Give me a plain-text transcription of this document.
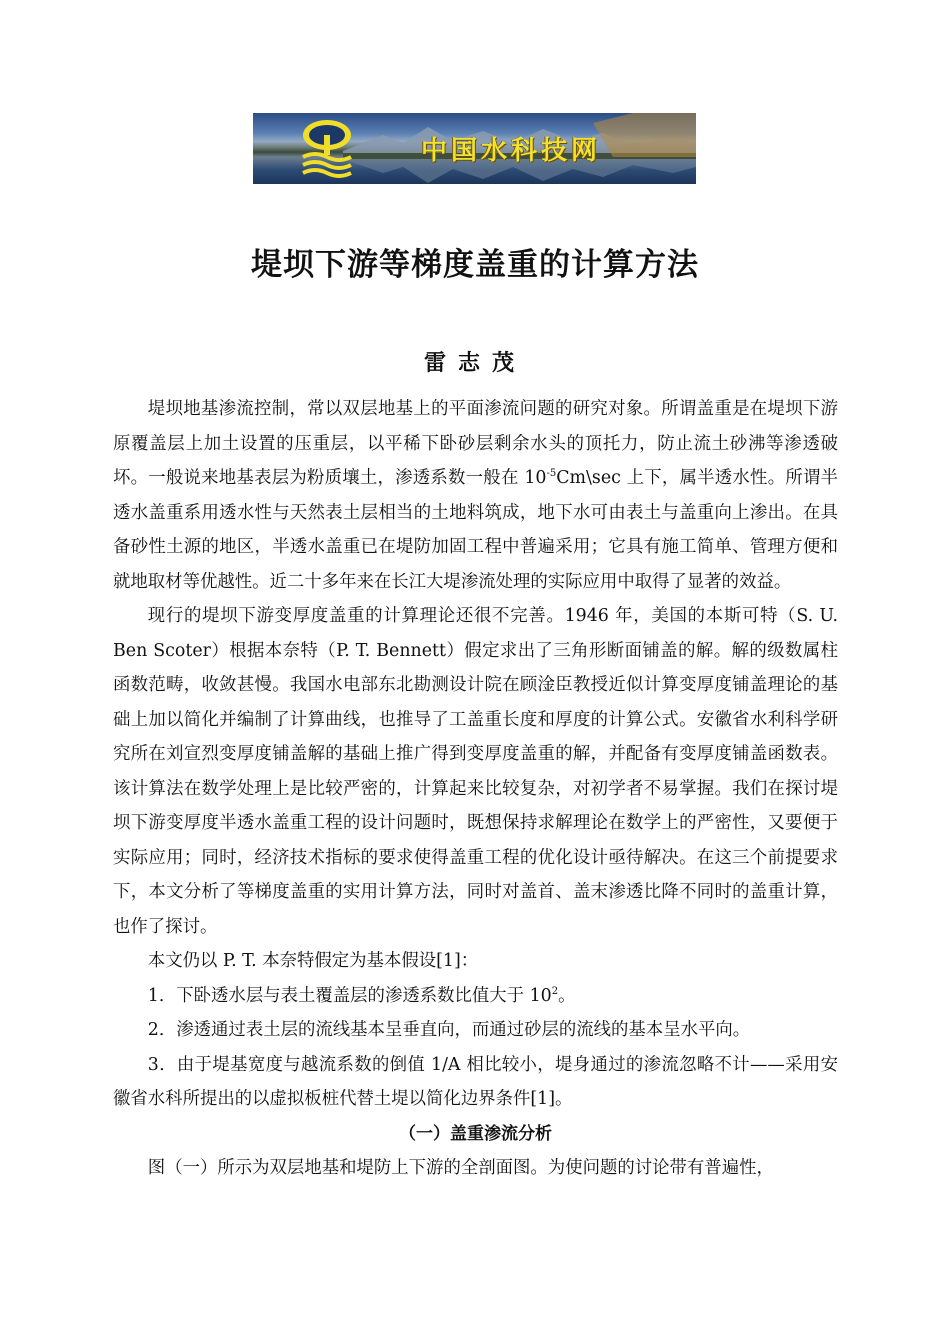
中国水科技网
堤坝下游等梯度盖重的计算方法
雷志茂

堤坝地基渗流控制，常以双层地基上的平面渗流问题的研究对象。所谓盖重是在堤坝下游原覆盖层上加土设置的压重层，以平稀下卧砂层剩余水头的顶托力，防止流土砂沸等渗透破坏。一般说来地基表层为粉质壤土，渗透系数一般在 $10^{-5}Cm\backslash\sec$ 上下，属半透水性。所谓半透水盖重系用透水性与天然表土层相当的土地料筑成，地下水可由表土与盖重向上渗出。在具备砂性土源的地区，半透水盖重已在堤防加固工程中普遍采用；它具有施工简单、管理方便和就地取材等优越性。近二十多年来在长江大堤渗流处理的实际应用中取得了显著的效益。

现行的堤坝下游变厚度盖重的计算理论还很不完善。1946 年，美国的本斯可特（S. U. Ben Scoter）根据本奈特（P. T. Bennett）假定求出了三角形断面铺盖的解。解的级数属柱函数范畴，收敛甚慢。我国水电部东北勘测设计院在顾淦臣教授近似计算变厚度铺盖理论的基础上加以简化并编制了计算曲线，也推导了工盖重长度和厚度的计算公式。安徽省水利科学研究所在刘宣烈变厚度铺盖解的基础上推广得到变厚度盖重的解，并配备有变厚度铺盖函数表。该计算法在数学处理上是比较严密的，计算起来比较复杂，对初学者不易掌握。我们在探讨堤坝下游变厚度半透水盖重工程的设计问题时，既想保持求解理论在数学上的严密性，又要便于实际应用；同时，经济技术指标的要求使得盖重工程的优化设计亟待解决。在这三个前提要求下，本文分析了等梯度盖重的实用计算方法，同时对盖首、盖末渗透比降不同时的盖重计算，也作了探讨。

本文仍以 P. T. 本奈特假定为基本假设[1]：

1．下卧透水层与表土覆盖层的渗透系数比值大于 $10^2$。

2．渗透通过表土层的流线基本呈垂直向，而通过砂层的流线的基本呈水平向。

3．由于堤基宽度与越流系数的倒值 1/A 相比较小，堤身通过的渗流忽略不计——采用安徽省水科所提出的以虚拟板桩代替土堤以简化边界条件[1]。

（一）盖重渗流分析

图（一）所示为双层地基和堤防上下游的全剖面图。为使问题的讨论带有普遍性，
